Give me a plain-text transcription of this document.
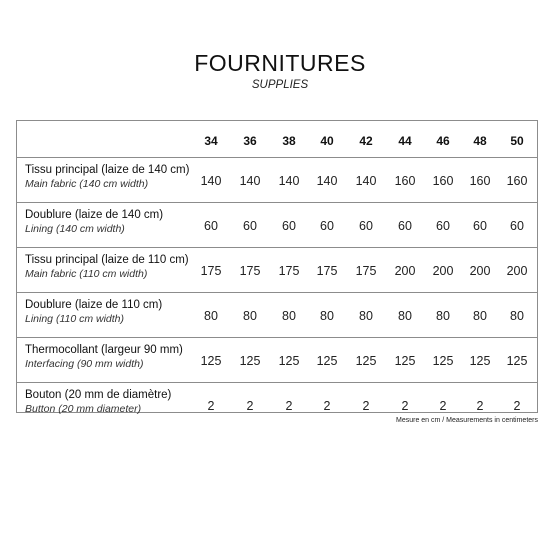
FOURNITURES
SUPPLIES
34	36	38	40	42	44	46	48	50
Tissu principal (laize de 140 cm)
Main fabric (140 cm width)	140	140	140	140	140	160	160	160	160
Doublure (laize de 140 cm)
Lining (140 cm width)	60	60	60	60	60	60	60	60	60
Tissu principal (laize de 110 cm)
Main fabric (110 cm width)	175	175	175	175	175	200	200	200	200
Doublure (laize de 110 cm)
Lining (110 cm width)	80	80	80	80	80	80	80	80	80
Thermocollant (largeur 90 mm)
Interfacing (90 mm width)	125	125	125	125	125	125	125	125	125
Bouton (20 mm de diamètre)
Button (20 mm diameter)	2	2	2	2	2	2	2	2	2
Mesure en cm / Measurements in centimeters
